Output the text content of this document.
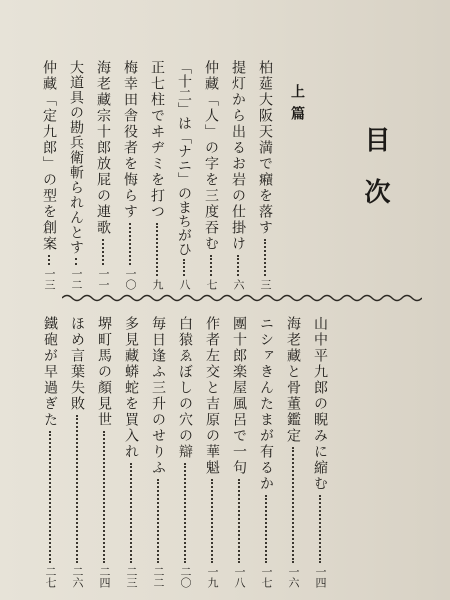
目次
上篇
柏莚大阪天満で癪を落す
三
提灯から出るお岩の仕掛け
六
仲藏「人」の字を三度吞む
七
「十二」は「ナニ」のまちがひ
八
正七柱でヰヂミを打つ
九
梅幸田舎役者を悔らす
一〇
海老藏宗十郎放屁の連歌
一一
大道具の勘兵衛斬られんとす
一二
仲藏「定九郎」の型を創案
一三
山中平九郎の睨みに縮む
一四
海老藏と骨董鑑定
一六
ニシァきんたまが有るか
一七
團十郎楽屋風呂で一句
一八
作者左交と吉原の華魁
一九
白猿ゑぼしの穴の辯
二〇
毎日逢ふ三升のせりふ
二二
多見藏蟒蛇を買入れ
二三
堺町馬の顏見世
二四
ほめ言葉失敗
二六
鐵砲が早過ぎた
二七
